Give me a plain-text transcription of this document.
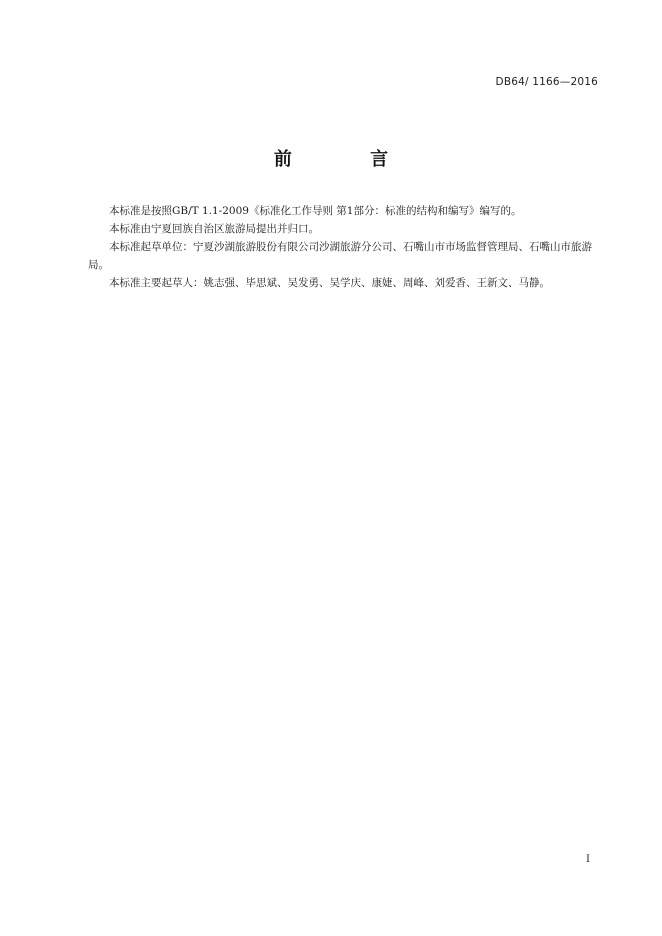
DB64/ 1166—2016
前 言

本标准是按照GB/T 1.1-2009《标准化工作导则 第1部分：标准的结构和编写》编写的。

本标准由宁夏回族自治区旅游局提出并归口。

本标准起草单位：宁夏沙湖旅游股份有限公司沙湖旅游分公司、石嘴山市市场监督管理局、石嘴山市旅游局。

本标准主要起草人：姚志强、毕思斌、吴发勇、吴学庆、康婕、周峰、刘爱香、王新文、马静。

I
